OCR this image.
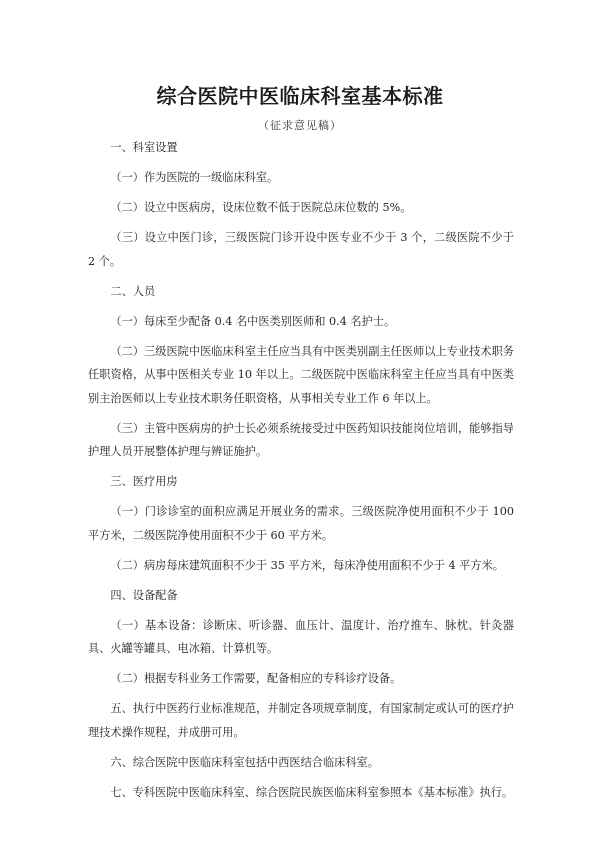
综合医院中医临床科室基本标准
（征求意见稿）
一、科室设置
（一）作为医院的一级临床科室。
（二）设立中医病房，设床位数不低于医院总床位数的 5%。
（三）设立中医门诊，三级医院门诊开设中医专业不少于 3 个，二级医院不少于 2 个。
二、人员
（一）每床至少配备 0.4 名中医类别医师和 0.4 名护士。
（二）三级医院中医临床科室主任应当具有中医类别副主任医师以上专业技术职务任职资格，从事中医相关专业 10 年以上。二级医院中医临床科室主任应当具有中医类别主治医师以上专业技术职务任职资格，从事相关专业工作 6 年以上。
（三）主管中医病房的护士长必须系统接受过中医药知识技能岗位培训，能够指导护理人员开展整体护理与辨证施护。
三、医疗用房
（一）门诊诊室的面积应满足开展业务的需求。三级医院净使用面积不少于 100 平方米，二级医院净使用面积不少于 60 平方米。
（二）病房每床建筑面积不少于 35 平方米，每床净使用面积不少于 4 平方米。
四、设备配备
（一）基本设备：诊断床、听诊器、血压计、温度计、治疗推车、脉枕、针灸器具、火罐等罐具、电冰箱、计算机等。
（二）根据专科业务工作需要，配备相应的专科诊疗设备。
五、执行中医药行业标准规范，并制定各项规章制度，有国家制定或认可的医疗护理技术操作规程，并成册可用。
六、综合医院中医临床科室包括中西医结合临床科室。
七、专科医院中医临床科室、综合医院民族医临床科室参照本《基本标准》执行。
